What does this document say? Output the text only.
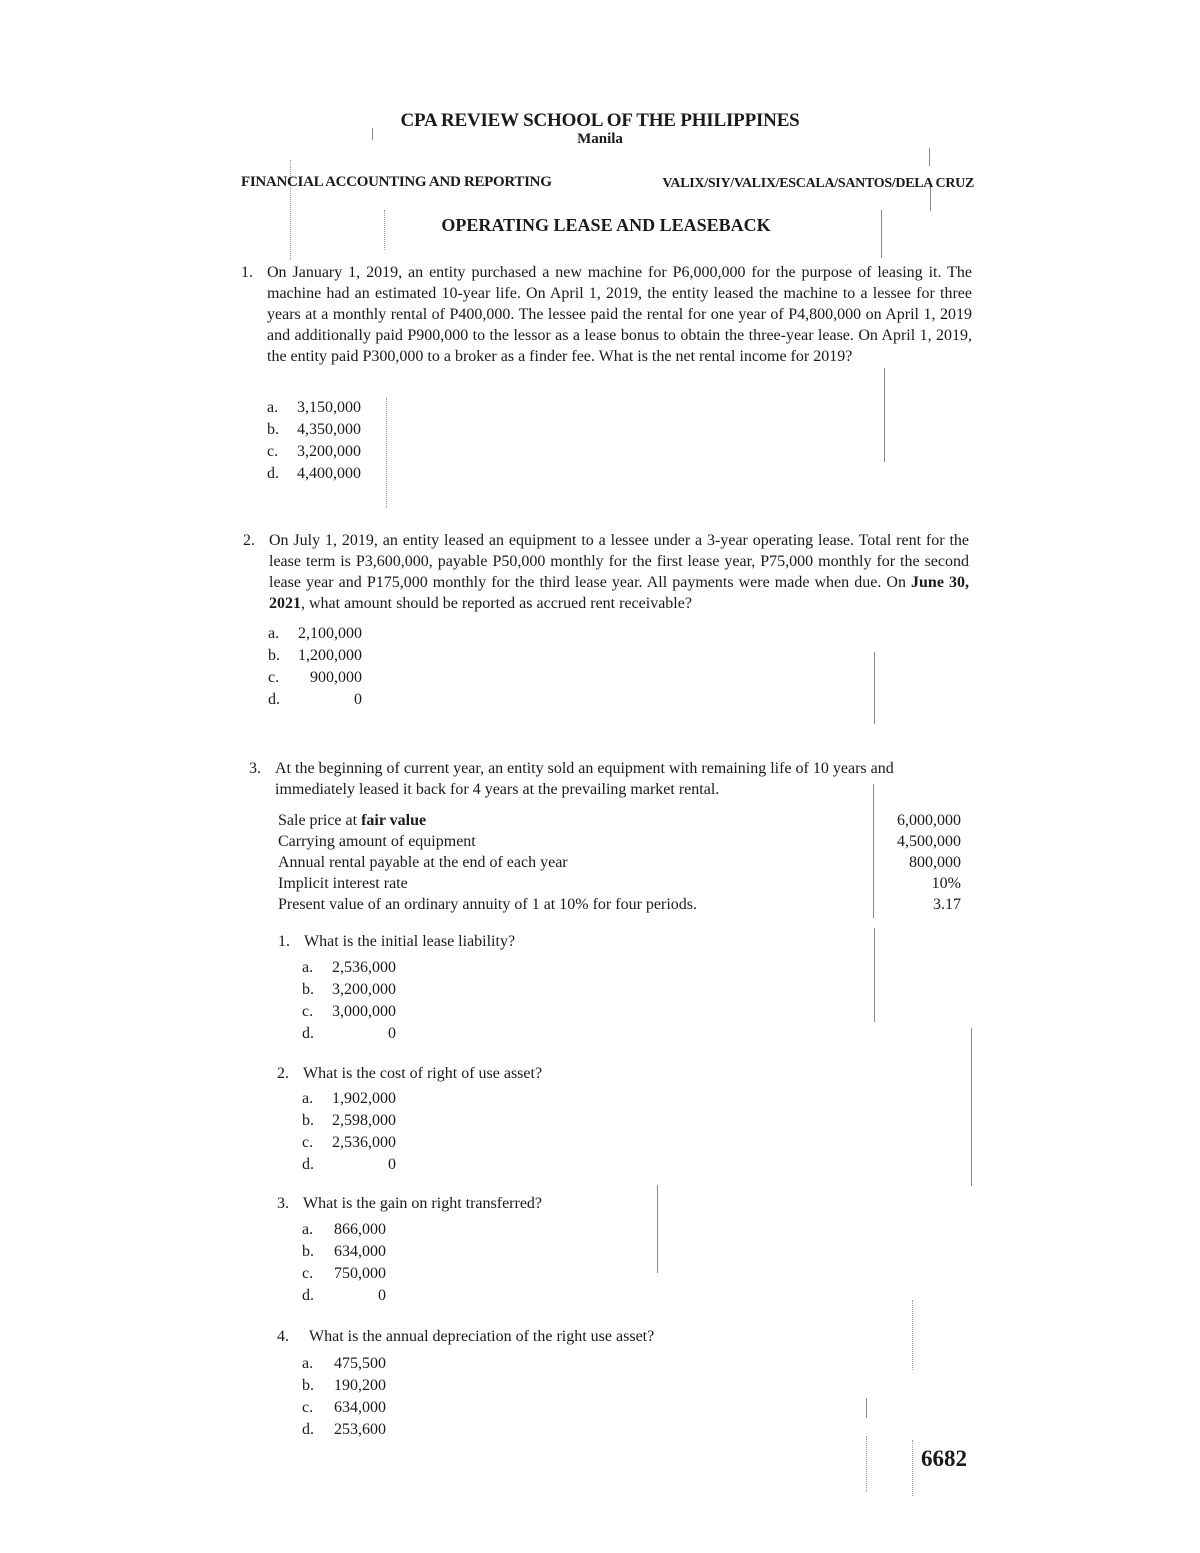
CPA REVIEW SCHOOL OF THE PHILIPPINES
Manila
FINANCIAL ACCOUNTING AND REPORTING	VALIX/SIY/VALIX/ESCALA/SANTOS/DELA CRUZ
OPERATING LEASE AND LEASEBACK
1. On January 1, 2019, an entity purchased a new machine for P6,000,000 for the purpose of leasing it. The machine had an estimated 10-year life. On April 1, 2019, the entity leased the machine to a lessee for three years at a monthly rental of P400,000. The lessee paid the rental for one year of P4,800,000 on April 1, 2019 and additionally paid P900,000 to the lessor as a lease bonus to obtain the three-year lease. On April 1, 2019, the entity paid P300,000 to a broker as a finder fee. What is the net rental income for 2019?
a.	3,150,000
b.	4,350,000
c.	3,200,000
d.	4,400,000
2. On July 1, 2019, an entity leased an equipment to a lessee under a 3-year operating lease. Total rent for the lease term is P3,600,000, payable P50,000 monthly for the first lease year, P75,000 monthly for the second lease year and P175,000 monthly for the third lease year. All payments were made when due. On June 30, 2021, what amount should be reported as accrued rent receivable?
a.	2,100,000
b.	1,200,000
c.	900,000
d.	0
3. At the beginning of current year, an entity sold an equipment with remaining life of 10 years and immediately leased it back for 4 years at the prevailing market rental.
Sale price at fair value	6,000,000
Carrying amount of equipment	4,500,000
Annual rental payable at the end of each year	800,000
Implicit interest rate	10%
Present value of an ordinary annuity of 1 at 10% for four periods.	3.17
1. What is the initial lease liability?
a.	2,536,000
b.	3,200,000
c.	3,000,000
d.	0
2. What is the cost of right of use asset?
a.	1,902,000
b.	2,598,000
c.	2,536,000
d.	0
3. What is the gain on right transferred?
a.	866,000
b.	634,000
c.	750,000
d.	0
4. What is the annual depreciation of the right use asset?
a.	475,500
b.	190,200
c.	634,000
d.	253,600
6682
